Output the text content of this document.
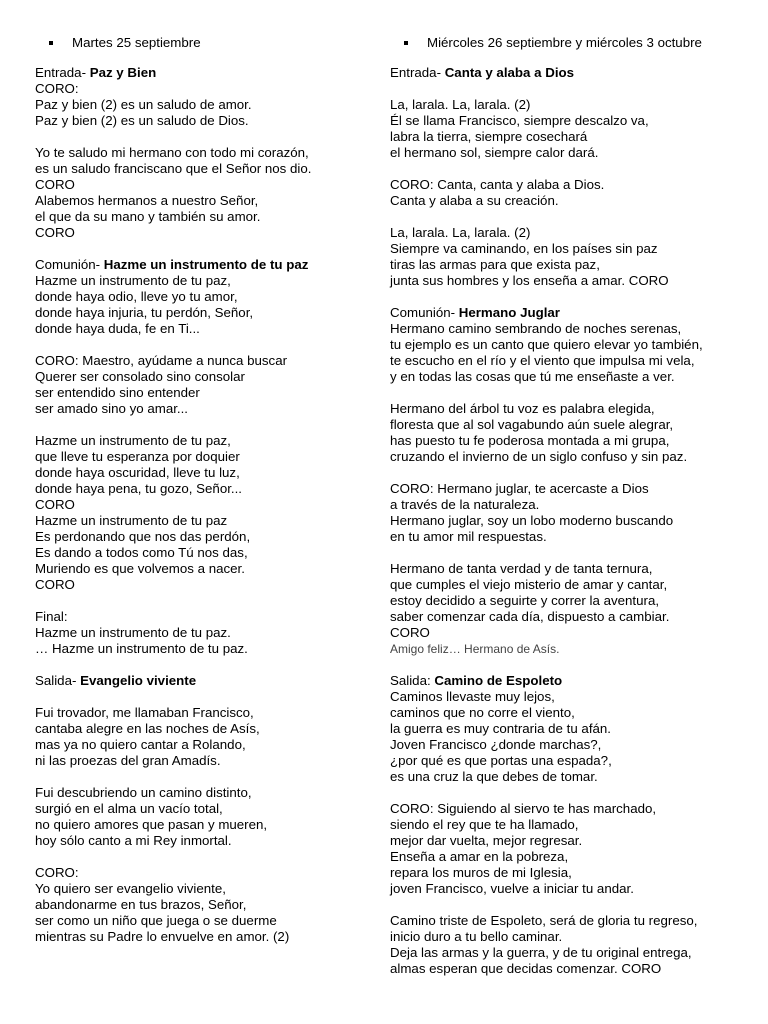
Martes 25 septiembre
Entrada- Paz y Bien
CORO:
Paz y bien (2) es un saludo de amor.
Paz y bien (2) es un saludo de Dios.
Yo te saludo mi hermano con todo mi corazón,
es un saludo franciscano que el Señor nos dio.
CORO
Alabemos hermanos a nuestro Señor,
el que da su mano y también su amor.
CORO
Comunión- Hazme un instrumento de tu paz
Hazme un instrumento de tu paz,
donde haya odio, lleve yo tu amor,
donde haya injuria, tu perdón, Señor,
donde haya duda, fe en Ti...
CORO: Maestro, ayúdame a nunca buscar
Querer ser consolado sino consolar
ser entendido sino entender
ser amado sino yo amar...
Hazme un instrumento de tu paz,
que lleve tu esperanza por doquier
donde haya oscuridad, lleve tu luz,
donde haya pena, tu gozo, Señor...
CORO
Hazme un instrumento de tu paz
Es perdonando que nos das perdón,
Es dando a todos como Tú nos das,
Muriendo es que volvemos a nacer.
CORO
Final:
Hazme un instrumento de tu paz.
… Hazme un instrumento de tu paz.
Salida- Evangelio viviente
Fui trovador, me llamaban Francisco,
cantaba alegre en las noches de Asís,
mas ya no quiero cantar a Rolando,
ni las proezas del gran Amadís.
Fui descubriendo un camino distinto,
surgió en el alma un vacío total,
no quiero amores que pasan y mueren,
hoy sólo canto a mi Rey inmortal.
CORO:
Yo quiero ser evangelio viviente,
abandonarme en tus brazos, Señor,
ser como un niño que juega o se duerme
mientras su Padre lo envuelve en amor. (2)
Miércoles 26 septiembre y miércoles 3 octubre
Entrada- Canta y alaba a Dios
La, larala. La, larala. (2)
Él se llama Francisco, siempre descalzo va,
labra la tierra, siempre cosechará
el hermano sol, siempre calor dará.
CORO: Canta, canta y alaba a Dios.
Canta y alaba a su creación.
La, larala. La, larala. (2)
Siempre va caminando, en los países sin paz
tiras las armas para que exista paz,
junta sus hombres y los enseña a amar. CORO
Comunión- Hermano Juglar
Hermano camino sembrando de noches serenas,
tu ejemplo es un canto que quiero elevar yo también,
te escucho en el río y el viento que impulsa mi vela,
y en todas las cosas que tú me enseñaste a ver.
Hermano del árbol tu voz es palabra elegida,
floresta que al sol vagabundo aún suele alegrar,
has puesto tu fe poderosa montada a mi grupa,
cruzando el invierno de un siglo confuso y sin paz.
CORO: Hermano juglar, te acercaste a Dios
a través de la naturaleza.
Hermano juglar, soy un lobo moderno buscando
en tu amor mil respuestas.
Hermano de tanta verdad y de tanta ternura,
que cumples el viejo misterio de amar y cantar,
estoy decidido a seguirte y correr la aventura,
saber comenzar cada día, dispuesto a cambiar.
CORO
Amigo feliz… Hermano de Asís.
Salida: Camino de Espoleto
Caminos llevaste muy lejos,
caminos que no corre el viento,
la guerra es muy contraria de tu afán.
Joven Francisco ¿donde marchas?,
¿por qué es que portas una espada?,
es una cruz la que debes de tomar.
CORO: Siguiendo al siervo te has marchado,
siendo el rey que te ha llamado,
mejor dar vuelta, mejor regresar.
Enseña a amar en la pobreza,
repara los muros de mi Iglesia,
joven Francisco, vuelve a iniciar tu andar.
Camino triste de Espoleto, será de gloria tu regreso,
inicio duro a tu bello caminar.
Deja las armas y la guerra, y de tu original entrega,
almas esperan que decidas comenzar. CORO
